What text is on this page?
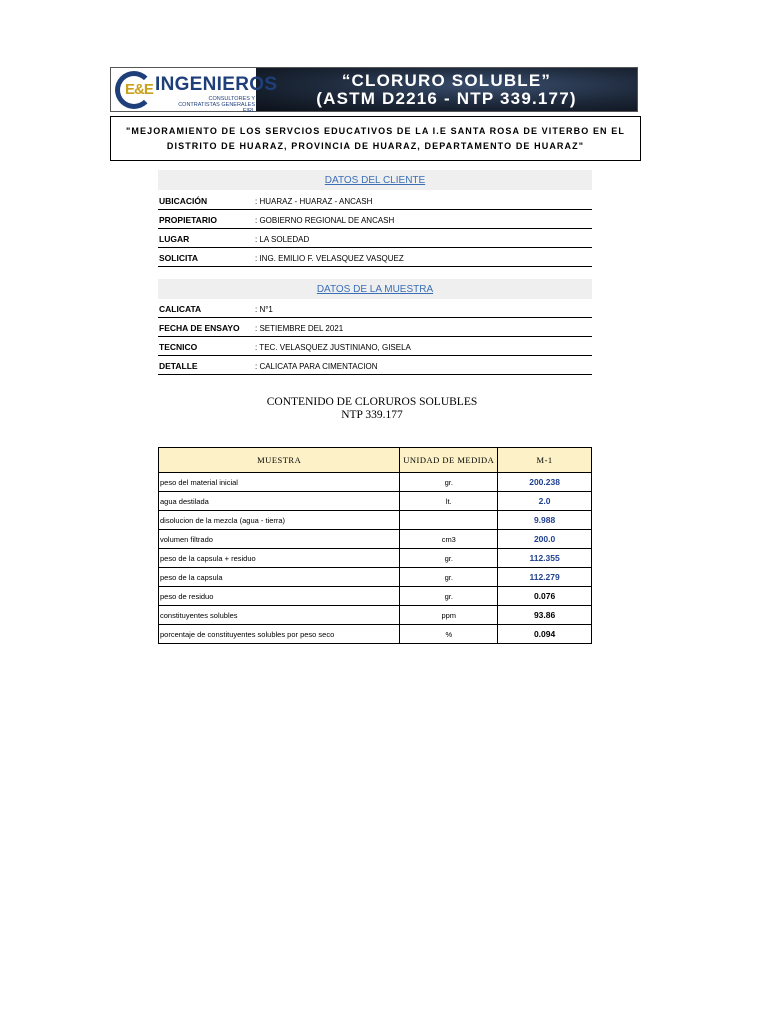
E&E INGENIEROS
CONSULTORES Y CONTRATISTAS GENERALES EIRL
“CLORURO SOLUBLE”
(ASTM D2216 - NTP 339.177)
"MEJORAMIENTO DE LOS SERVCIOS EDUCATIVOS DE LA I.E SANTA ROSA DE VITERBO EN EL DISTRITO DE HUARAZ, PROVINCIA DE HUARAZ, DEPARTAMENTO DE HUARAZ"
DATOS DEL CLIENTE
UBICACIÓN	: HUARAZ - HUARAZ - ANCASH
PROPIETARIO	: GOBIERNO REGIONAL DE ANCASH
LUGAR	: LA SOLEDAD
SOLICITA	: ING. EMILIO F. VELASQUEZ VASQUEZ
DATOS DE LA MUESTRA
CALICATA	: N°1
FECHA DE ENSAYO : SETIEMBRE DEL 2021
TECNICO	: TEC. VELASQUEZ JUSTINIANO, GISELA
DETALLE	: CALICATA PARA CIMENTACION
CONTENIDO DE CLORUROS SOLUBLES
NTP 339.177
MUESTRA	UNIDAD DE MEDIDA	M-1
peso del material inicial	gr.	200.238
agua destilada	lt.	2.0
disolucion de la mezcla (agua - tierra)		9.988
volumen filtrado	cm3	200.0
peso de la capsula + residuo	gr.	112.355
peso de la capsula	gr.	112.279
peso de residuo	gr.	0.076
constituyentes solubles	ppm	93.86
porcentaje de constituyentes solubles por peso seco	%	0.094
